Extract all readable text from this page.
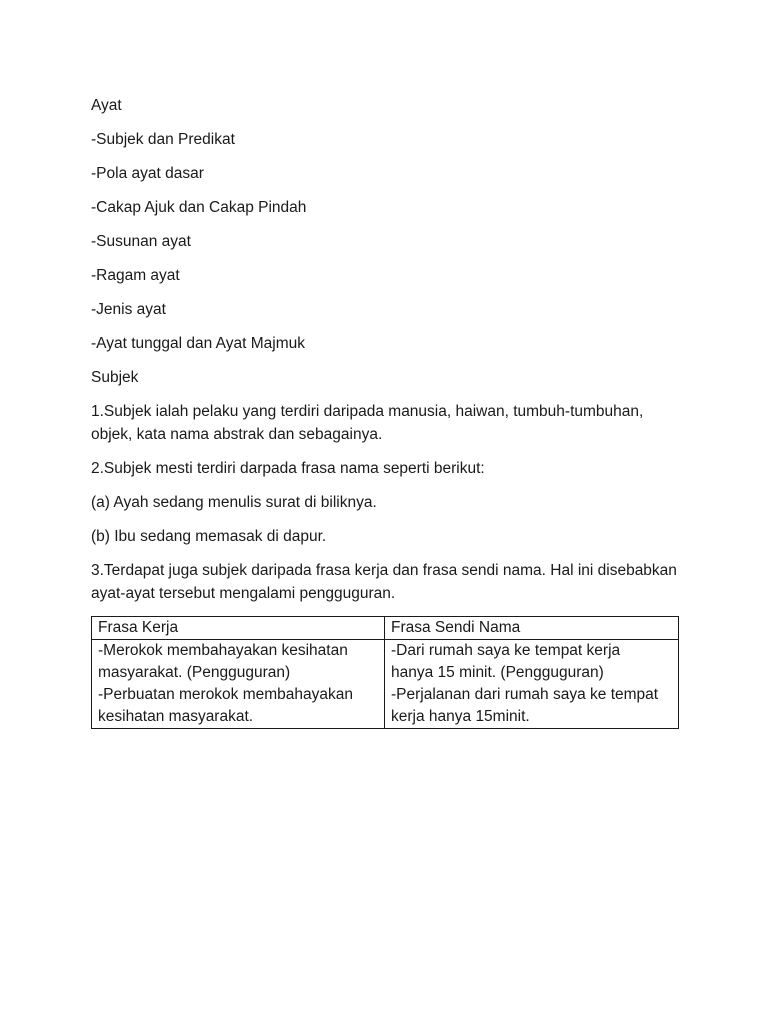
Ayat

-Subjek dan Predikat

-Pola ayat dasar

-Cakap Ajuk dan Cakap Pindah

-Susunan ayat

-Ragam ayat

-Jenis ayat

-Ayat tunggal dan Ayat Majmuk

Subjek

1.Subjek ialah pelaku yang terdiri daripada manusia, haiwan, tumbuh-tumbuhan, objek, kata nama abstrak dan sebagainya.

2.Subjek mesti terdiri darpada frasa nama seperti berikut:

(a) Ayah sedang menulis surat di biliknya.

(b) Ibu sedang memasak di dapur.

3.Terdapat juga subjek daripada frasa kerja dan frasa sendi nama. Hal ini disebabkan ayat-ayat tersebut mengalami pengguguran.

Frasa Kerja	Frasa Sendi Nama

-Merokok membahayakan kesihatan
masyarakat. (Pengguguran)
-Perbuatan merokok membahayakan
kesihatan masyarakat.	-Dari rumah saya ke tempat kerja
hanya 15 minit. (Pengguguran)
-Perjalanan dari rumah saya ke tempat
kerja hanya 15minit.
